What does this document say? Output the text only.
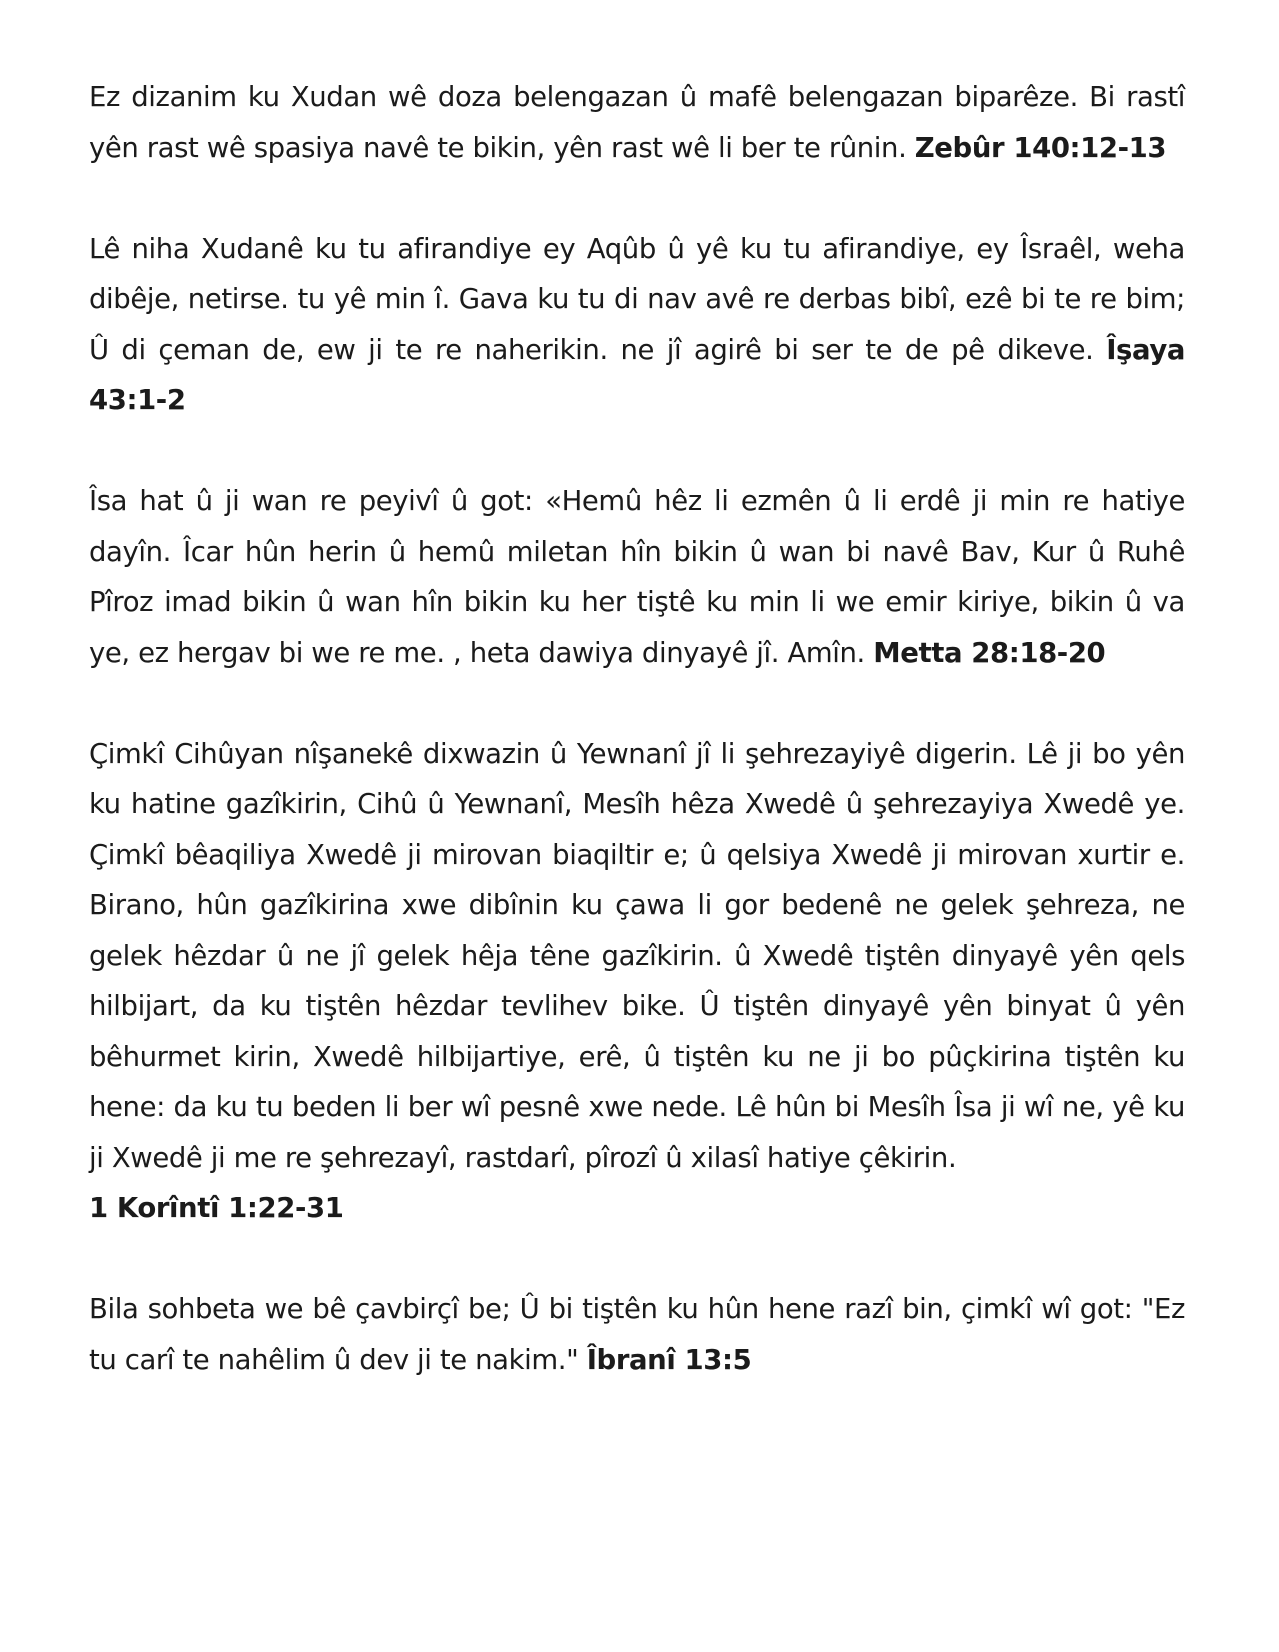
Ez dizanim ku Xudan wê doza belengazan û mafê belengazan biparêze. Bi rastî yên rast wê spasiya navê te bikin, yên rast wê li ber te rûnin. Zebûr 140:12-13

Lê niha Xudanê ku tu afirandiye ey Aqûb û yê ku tu afirandiye, ey Îsraêl, weha dibêje, netirse. tu yê min î. Gava ku tu di nav avê re derbas bibî, ezê bi te re bim; Û di çeman de, ew ji te re naherikin. ne jî agirê bi ser te de pê dikeve. Îşaya 43:1-2

Îsa hat û ji wan re peyivî û got: «Hemû hêz li ezmên û li erdê ji min re hatiye dayîn. Îcar hûn herin û hemû miletan hîn bikin û wan bi navê Bav, Kur û Ruhê Pîroz imad bikin û wan hîn bikin ku her tiştê ku min li we emir kiriye, bikin û va ye, ez hergav bi we re me. , heta dawiya dinyayê jî. Amîn. Metta 28:18-20

Çimkî Cihûyan nîşanekê dixwazin û Yewnanî jî li şehrezayiyê digerin. Lê ji bo yên ku hatine gazîkirin, Cihû û Yewnanî, Mesîh hêza Xwedê û şehrezayiya Xwedê ye. Çimkî bêaqiliya Xwedê ji mirovan biaqiltir e; û qelsiya Xwedê ji mirovan xurtir e. Birano, hûn gazîkirina xwe dibînin ku çawa li gor bedenê ne gelek şehreza, ne gelek hêzdar û ne jî gelek hêja têne gazîkirin. û Xwedê tiştên dinyayê yên qels hilbijart, da ku tiştên hêzdar tevlihev bike. Û tiştên dinyayê yên binyat û yên bêhurmet kirin, Xwedê hilbijartiye, erê, û tiştên ku ne ji bo pûçkirina tiştên ku hene: da ku tu beden li ber wî pesnê xwe nede. Lê hûn bi Mesîh Îsa ji wî ne, yê ku ji Xwedê ji me re şehrezayî, rastdarî, pîrozî û xilasî hatiye çêkirin.
1 Korîntî 1:22-31

Bila sohbeta we bê çavbirçî be; Û bi tiştên ku hûn hene razî bin, çimkî wî got: "Ez tu carî te nahêlim û dev ji te nakim." Îbranî 13:5
